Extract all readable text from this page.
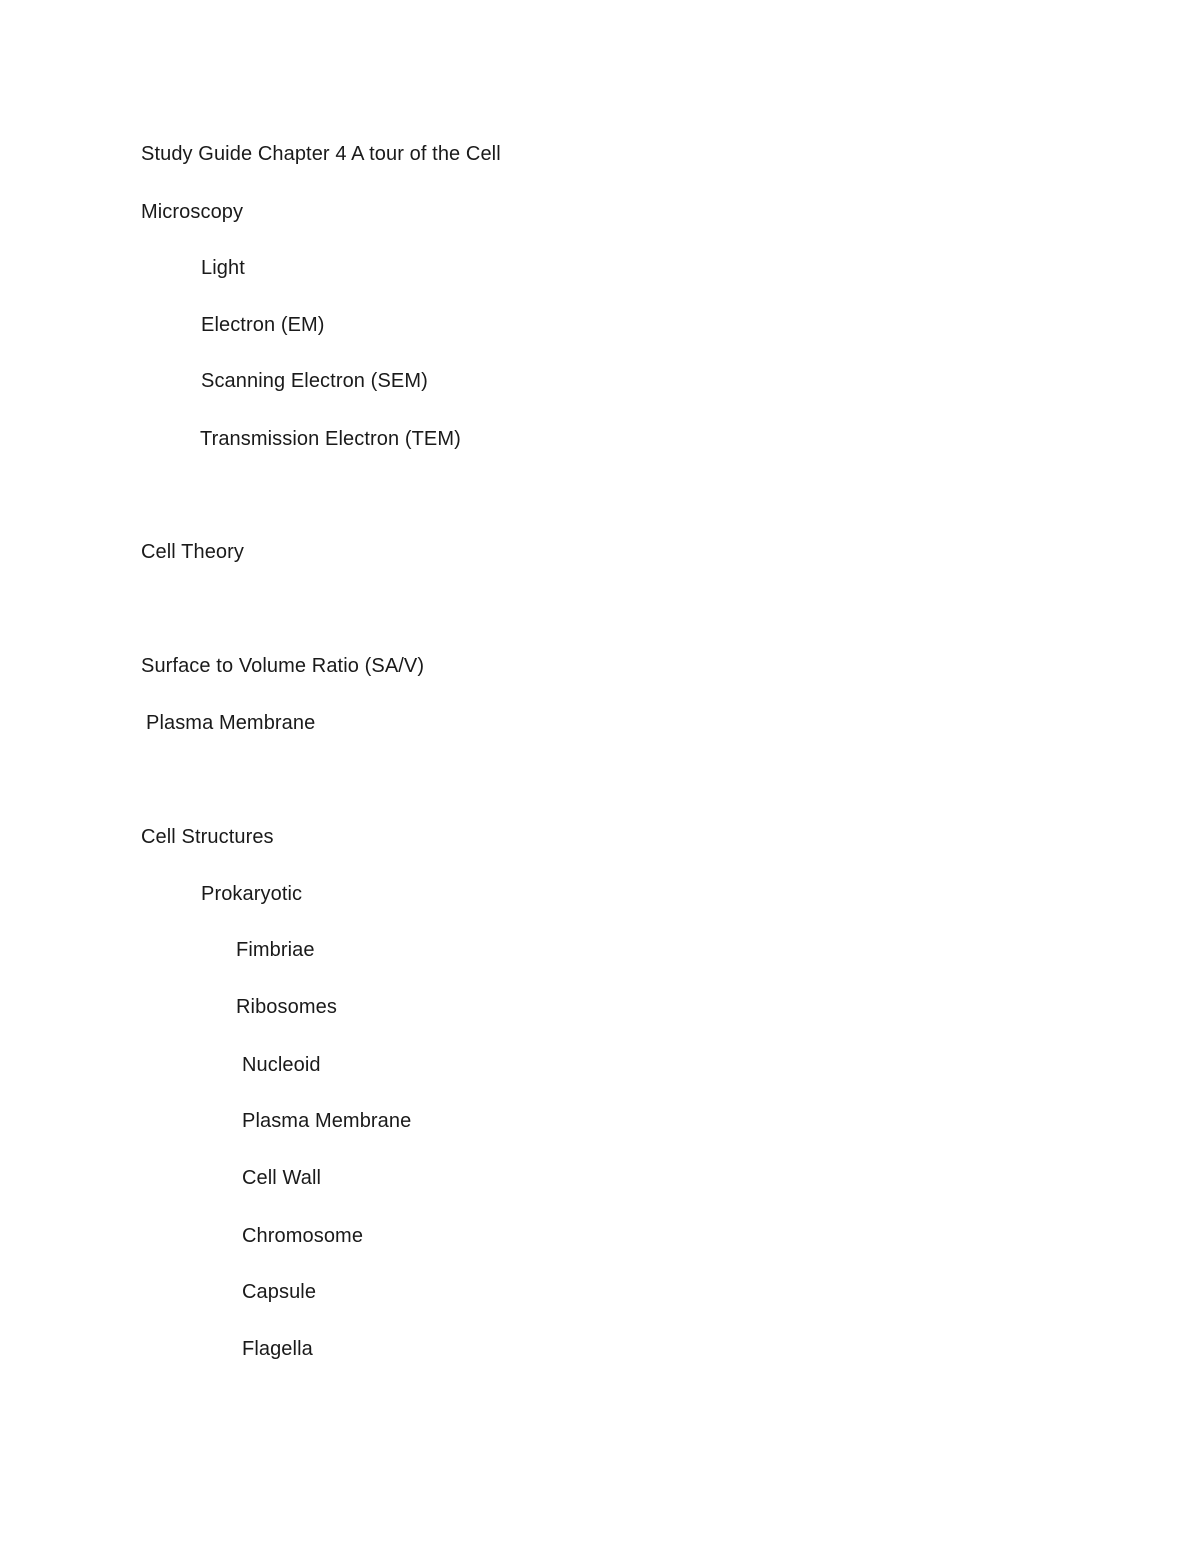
Study Guide Chapter 4 A tour of the Cell
Microscopy
Light
Electron (EM)
Scanning Electron (SEM)
Transmission Electron (TEM)
Cell Theory
Surface to Volume Ratio (SA/V)
Plasma Membrane
Cell Structures
Prokaryotic
Fimbriae
Ribosomes
Nucleoid
Plasma Membrane
Cell Wall
Chromosome
Capsule
Flagella
